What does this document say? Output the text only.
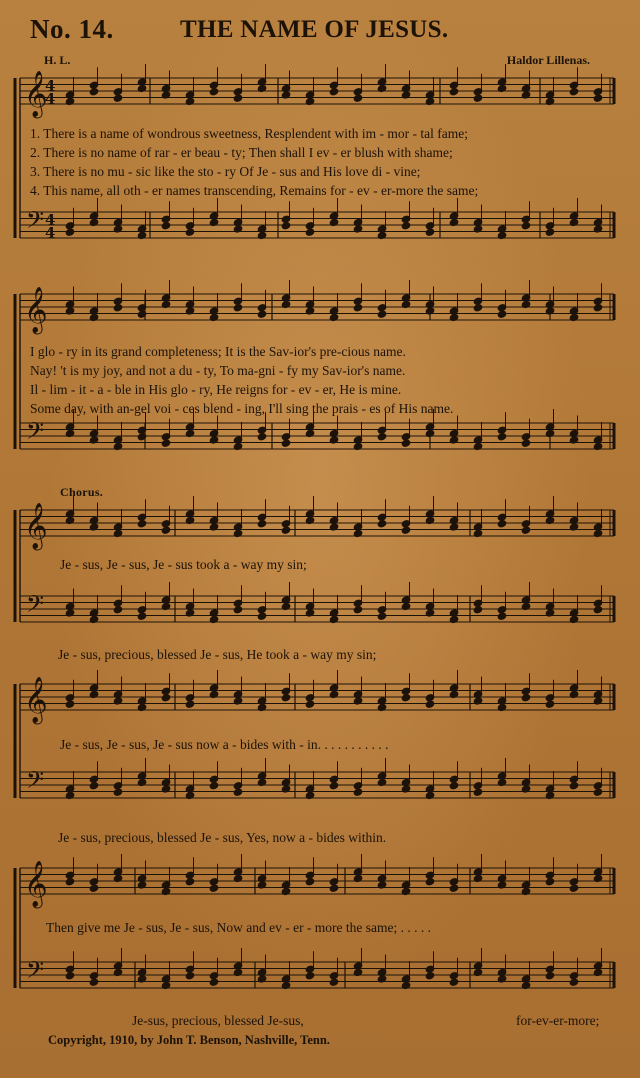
No. 14.	THE NAME OF JESUS.
H. L.	Haldor Lillenas.
𝄞
𝄢
4
4
4
4
𝄞
𝄢
𝄞
𝄢
𝄞
𝄢
𝄞
𝄢
1. There is a name of wondrous sweetness, Resplendent with im - mor - tal fame;
2. There is no name of rar - er beau - ty; Then shall I ev - er blush with shame;
3. There is no mu - sic like the sto - ry Of Je - sus and His love di - vine;
4. This name, all oth - er names transcending, Remains for - ev - er-more the same;
I glo - ry in its grand completeness; It is the Sav-ior's pre-cious name.
Nay! 't is my joy, and not a du - ty, To ma-gni - fy my Sav-ior's name.
Il - lim - it - a - ble in His glo - ry, He reigns for - ev - er, He is mine.
Some day, with an-gel voi - ces blend - ing, I'll sing the prais - es of His name.
Chorus.
Je - sus, Je - sus, Je - sus took a - way my sin;
Je - sus, precious, blessed Je - sus, He took a - way my sin;
Je - sus, Je - sus, Je - sus now a - bides with - in. . . . . . . . . . .
Je - sus, precious, blessed Je - sus, Yes, now a - bides within.
Then give me Je - sus, Je - sus, Now and ev - er - more the same; . . . . .
Je-sus, precious, blessed Je-sus,	for-ev-er-more;
Copyright, 1910, by John T. Benson, Nashville, Tenn.
